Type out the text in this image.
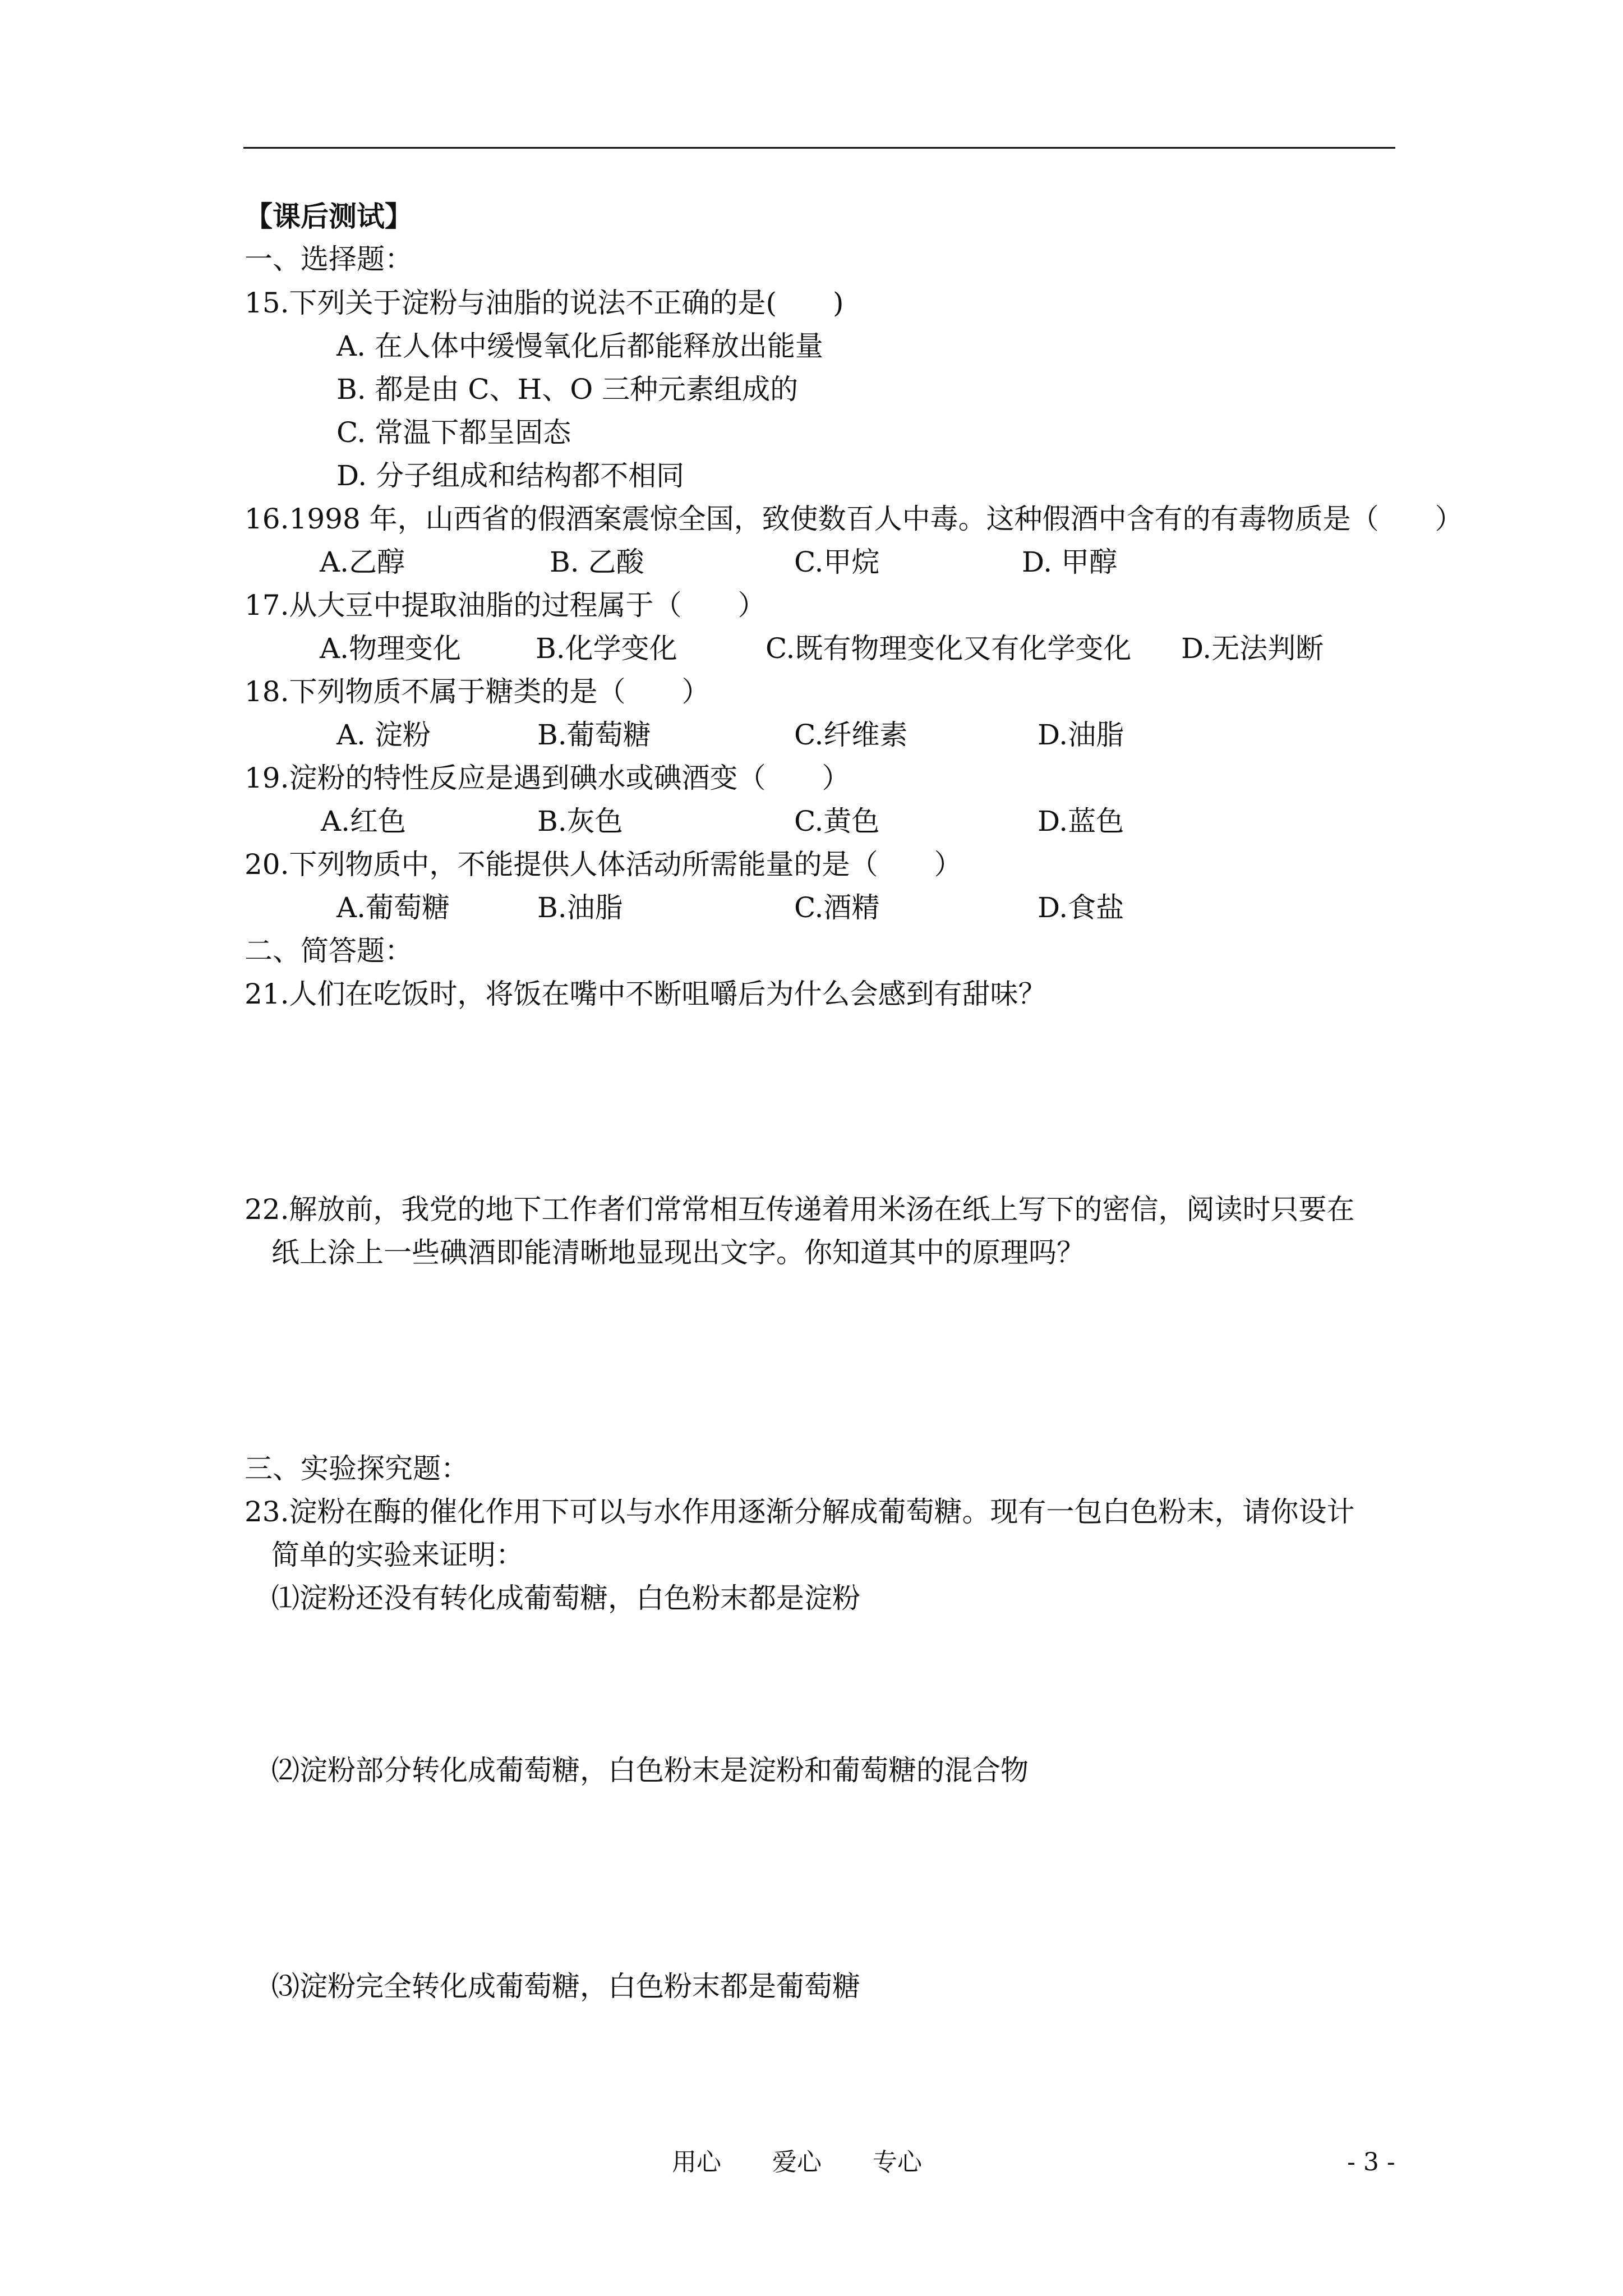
【课后测试】
一、选择题：
15.下列关于淀粉与油脂的说法不正确的是(　　)
A. 在人体中缓慢氧化后都能释放出能量
B. 都是由 C、H、O 三种元素组成的
C. 常温下都呈固态
D. 分子组成和结构都不相同
16.1998 年，山西省的假酒案震惊全国，致使数百人中毒。这种假酒中含有的有毒物质是（　　）
A.乙醇	B. 乙酸	C.甲烷	D. 甲醇
17.从大豆中提取油脂的过程属于（　　）
A.物理变化	B.化学变化	C.既有物理变化又有化学变化 D.无法判断
18.下列物质不属于糖类的是（　　）
A. 淀粉	B.葡萄糖	C.纤维素	D.油脂
19.淀粉的特性反应是遇到碘水或碘酒变（　　）
A.红色	B.灰色	C.黄色	D.蓝色
20.下列物质中，不能提供人体活动所需能量的是（　　）
A.葡萄糖	B.油脂	C.酒精	D.食盐
二、简答题：
21.人们在吃饭时，将饭在嘴中不断咀嚼后为什么会感到有甜味？
22.解放前，我党的地下工作者们常常相互传递着用米汤在纸上写下的密信，阅读时只要在
纸上涂上一些碘酒即能清晰地显现出文字。你知道其中的原理吗？
三、实验探究题：
23.淀粉在酶的催化作用下可以与水作用逐渐分解成葡萄糖。现有一包白色粉末，请你设计
简单的实验来证明：
⑴淀粉还没有转化成葡萄糖，白色粉末都是淀粉
⑵淀粉部分转化成葡萄糖，白色粉末是淀粉和葡萄糖的混合物
⑶淀粉完全转化成葡萄糖，白色粉末都是葡萄糖
用心 爱心 专心	- 3 -
